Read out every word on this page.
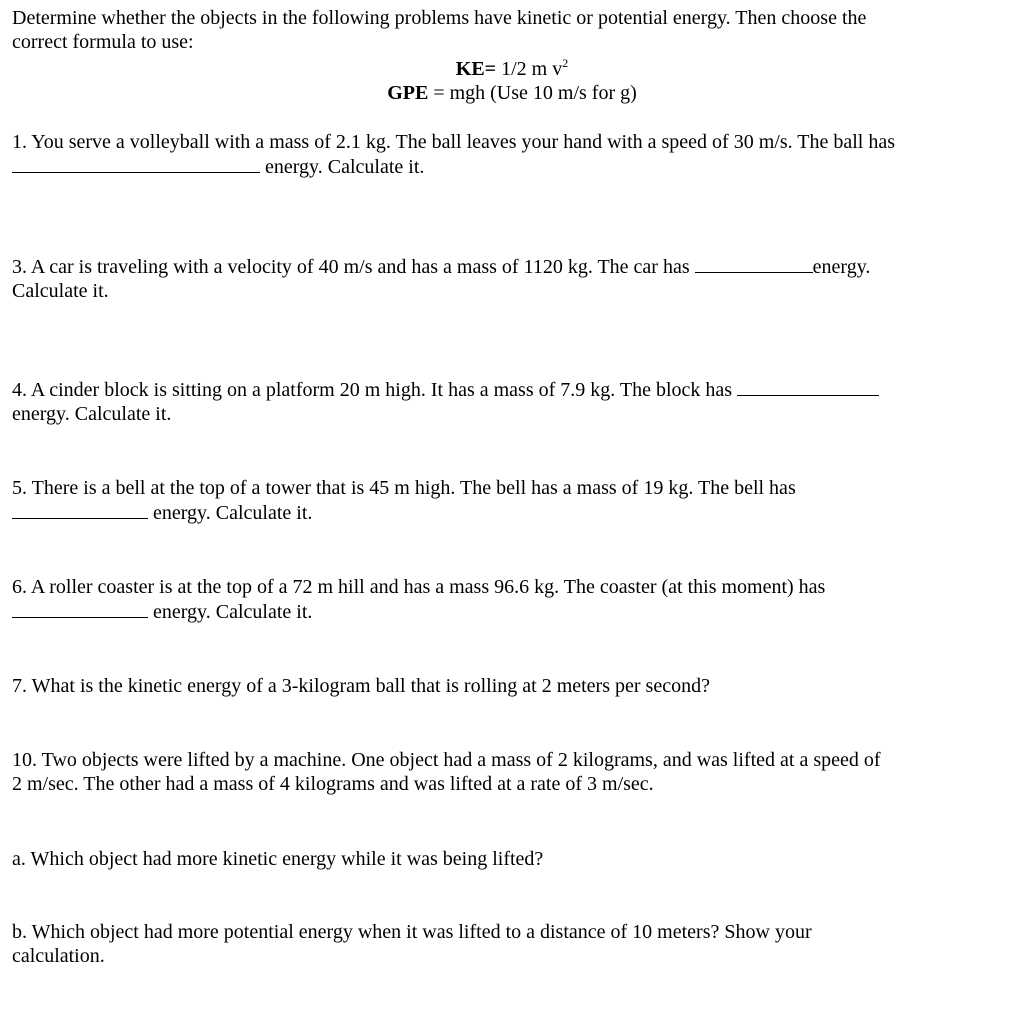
Determine whether the objects in the following problems have kinetic or potential energy. Then choose the
correct formula to use:
KE= 1/2 m $v^2$
GPE = mgh (Use 10 m/s for g)
1. You serve a volleyball with a mass of 2.1 kg. The ball leaves your hand with a speed of 30 m/s. The ball has
energy. Calculate it.
3. A car is traveling with a velocity of 40 m/s and has a mass of 1120 kg. The car has	energy.
Calculate it.
4. A cinder block is sitting on a platform 20 m high. It has a mass of 7.9 kg. The block has
energy. Calculate it.
5. There is a bell at the top of a tower that is 45 m high. The bell has a mass of 19 kg. The bell has
energy. Calculate it.
6. A roller coaster is at the top of a 72 m hill and has a mass 96.6 kg. The coaster (at this moment) has
energy. Calculate it.
7. What is the kinetic energy of a 3-kilogram ball that is rolling at 2 meters per second?
10. Two objects were lifted by a machine. One object had a mass of 2 kilograms, and was lifted at a speed of
2 m/sec. The other had a mass of 4 kilograms and was lifted at a rate of 3 m/sec.
a. Which object had more kinetic energy while it was being lifted?
b. Which object had more potential energy when it was lifted to a distance of 10 meters? Show your
calculation.
